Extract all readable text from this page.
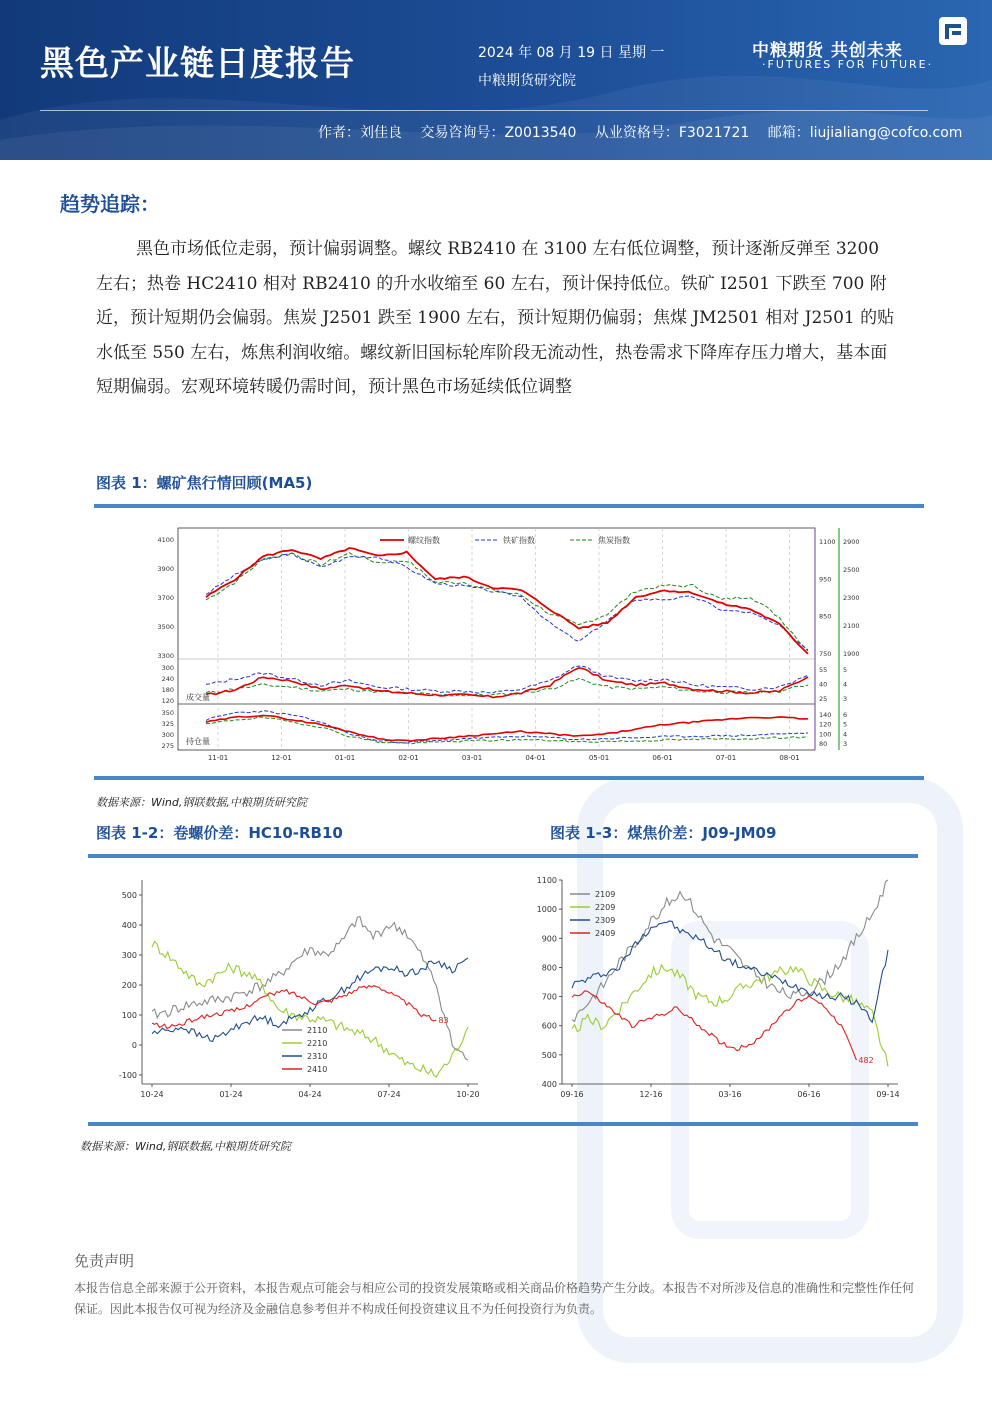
黑色产业链日度报告	2024 年 08 月 19 日 星期 一
中粮期货研究院
中粮期货 共创未来
·FUTURES FOR FUTURE·
作者：刘佳良 交易咨询号：Z0013540 从业资格号：F3021721 邮箱：liujialiang@cofco.com
趋势追踪：
黑色市场低位走弱，预计偏弱调整。螺纹 RB2410 在 3100 左右低位调整，预计逐渐反弹至 3200 左右；热卷 HC2410 相对 RB2410 的升水收缩至 60 左右，预计保持低位。铁矿 I2501 下跌至 700 附近，预计短期仍会偏弱。焦炭 J2501 跌至 1900 左右，预计短期仍偏弱；焦煤 JM2501 相对 J2501 的贴水低至 550 左右，炼焦利润收缩。螺纹新旧国标轮库阶段无流动性，热卷需求下降库存压力增大，基本面短期偏弱。宏观环境转暖仍需时间，预计黑色市场延续低位调整
图表 1：螺矿焦行情回顾(MA5)
11-01	12-01	01-01	02-01	03-01	04-01	05-01	06-01	07-01	08-01
4100
3900
3700
3500
3300
300
240
180
120
350
325
300
275
1100
950
850
750
2900
2500
2300
2100
1900
55
40
25
5
4
3
140
120
100
80
6
5
4
3
成交量
持仓量
螺纹指数	铁矿指数	焦炭指数
数据来源：Wind,钢联数据,中粮期货研究院
图表 1-2：卷螺价差：HC10-RB10	图表 1-3：煤焦价差：J09-JM09
500
400
300
200
100
0
-100
10-24	01-24	04-24	07-24	10-20
83
2110
2210
2310
2410
1100
1000
900
800
700
600
500
400
09-16	12-16	03-16	06-16	09-14
482
2109
2209
2309
2409
数据来源：Wind,钢联数据,中粮期货研究院
免责声明
本报告信息全部来源于公开资料，本报告观点可能会与相应公司的投资发展策略或相关商品价格趋势产生分歧。本报告不对所涉及信息的准确性和完整性作任何保证。因此本报告仅可视为经济及金融信息参考但并不构成任何投资建议且不为任何投资行为负责。
